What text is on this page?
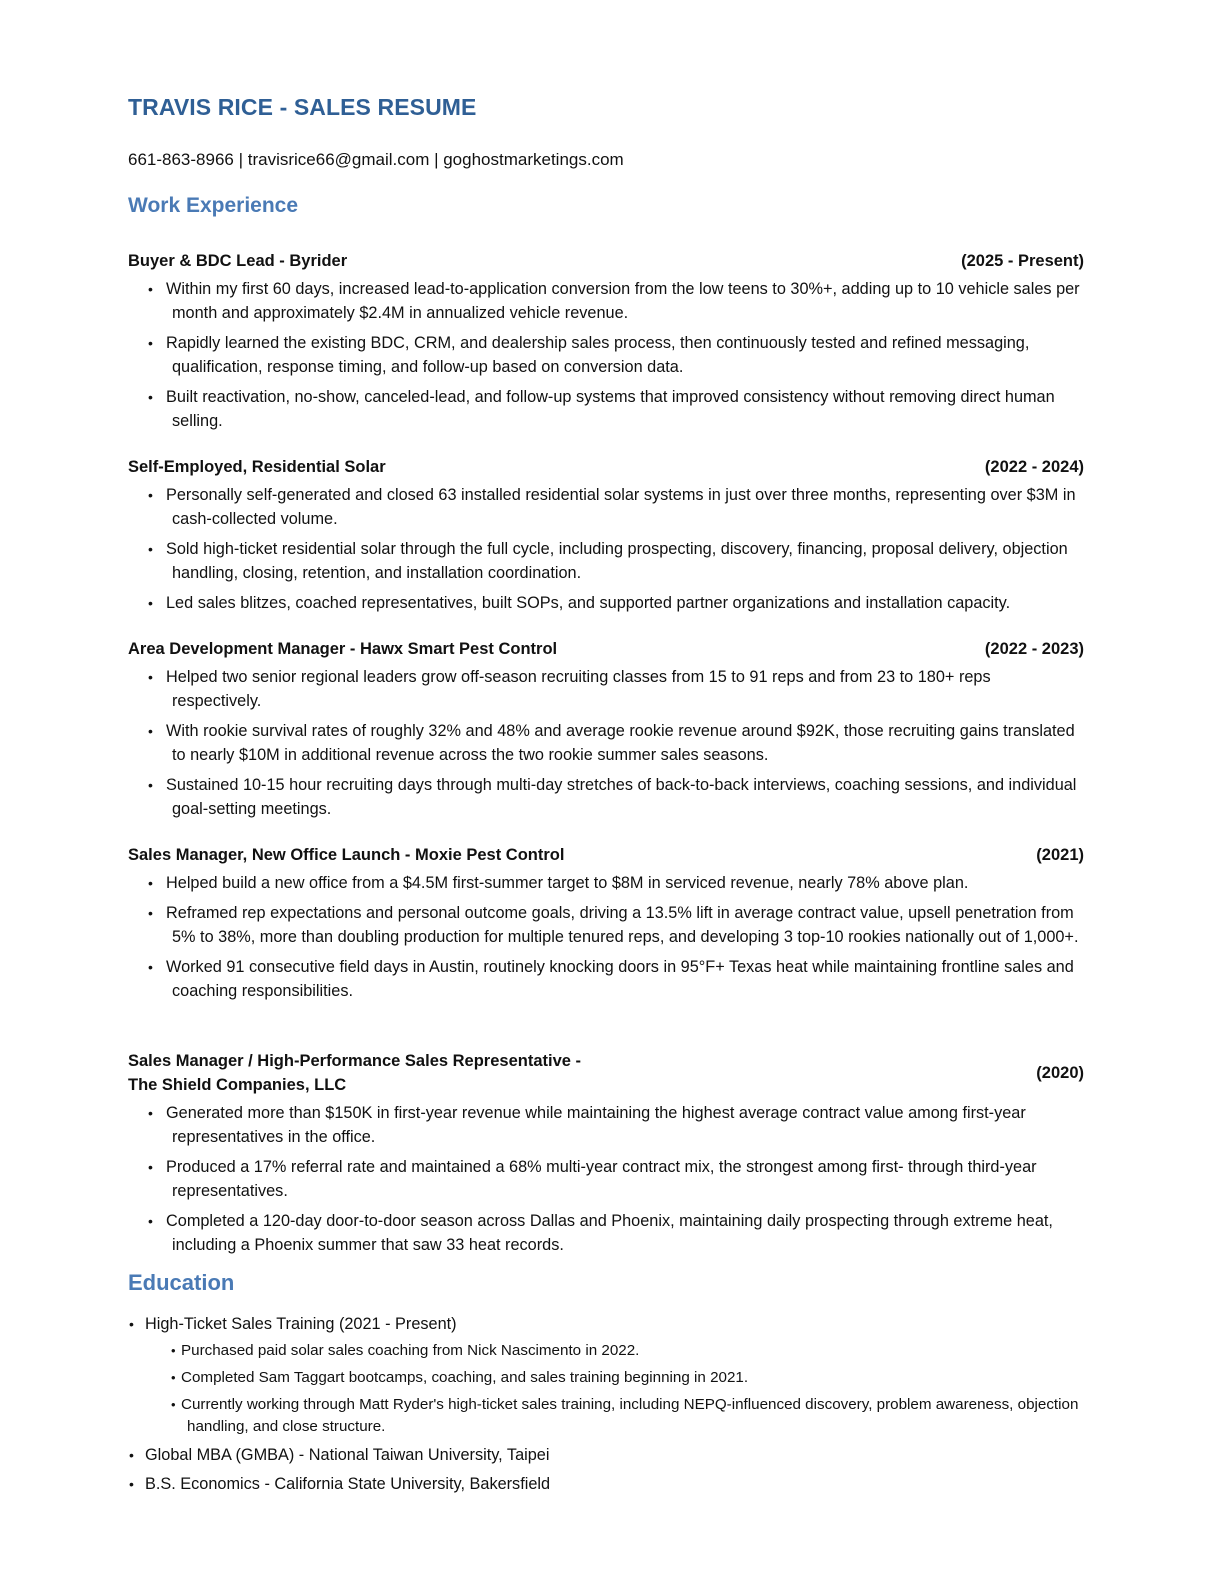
TRAVIS RICE - SALES RESUME
661-863-8966 | travisrice66@gmail.com | goghostmarketings.com
Work Experience
Buyer & BDC Lead - Byrider	(2025 - Present)
• Within my first 60 days, increased lead-to-application conversion from the low teens to 30%+, adding up to 10 vehicle sales per month and approximately $2.4M in annualized vehicle revenue.
• Rapidly learned the existing BDC, CRM, and dealership sales process, then continuously tested and refined messaging, qualification, response timing, and follow-up based on conversion data.
• Built reactivation, no-show, canceled-lead, and follow-up systems that improved consistency without removing direct human selling.
Self-Employed, Residential Solar	(2022 - 2024)
• Personally self-generated and closed 63 installed residential solar systems in just over three months, representing over $3M in cash-collected volume.
• Sold high-ticket residential solar through the full cycle, including prospecting, discovery, financing, proposal delivery, objection handling, closing, retention, and installation coordination.
• Led sales blitzes, coached representatives, built SOPs, and supported partner organizations and installation capacity.
Area Development Manager - Hawx Smart Pest Control	(2022 - 2023)
• Helped two senior regional leaders grow off-season recruiting classes from 15 to 91 reps and from 23 to 180+ reps respectively.
• With rookie survival rates of roughly 32% and 48% and average rookie revenue around $92K, those recruiting gains translated to nearly $10M in additional revenue across the two rookie summer sales seasons.
• Sustained 10-15 hour recruiting days through multi-day stretches of back-to-back interviews, coaching sessions, and individual goal-setting meetings.
Sales Manager, New Office Launch - Moxie Pest Control	(2021)
• Helped build a new office from a $4.5M first-summer target to $8M in serviced revenue, nearly 78% above plan.
• Reframed rep expectations and personal outcome goals, driving a 13.5% lift in average contract value, upsell penetration from 5% to 38%, more than doubling production for multiple tenured reps, and developing 3 top-10 rookies nationally out of 1,000+.
• Worked 91 consecutive field days in Austin, routinely knocking doors in 95°F+ Texas heat while maintaining frontline sales and coaching responsibilities.
Sales Manager / High-Performance Sales Representative -
The Shield Companies, LLC
(2020)
• Generated more than $150K in first-year revenue while maintaining the highest average contract value among first-year representatives in the office.
• Produced a 17% referral rate and maintained a 68% multi-year contract mix, the strongest among first- through third-year representatives.
• Completed a 120-day door-to-door season across Dallas and Phoenix, maintaining daily prospecting through extreme heat, including a Phoenix summer that saw 33 heat records.
Education
• High-Ticket Sales Training (2021 - Present)
• Purchased paid solar sales coaching from Nick Nascimento in 2022.
• Completed Sam Taggart bootcamps, coaching, and sales training beginning in 2021.
• Currently working through Matt Ryder's high-ticket sales training, including NEPQ-influenced discovery, problem awareness, objection handling, and close structure.
• Global MBA (GMBA) - National Taiwan University, Taipei
• B.S. Economics - California State University, Bakersfield
